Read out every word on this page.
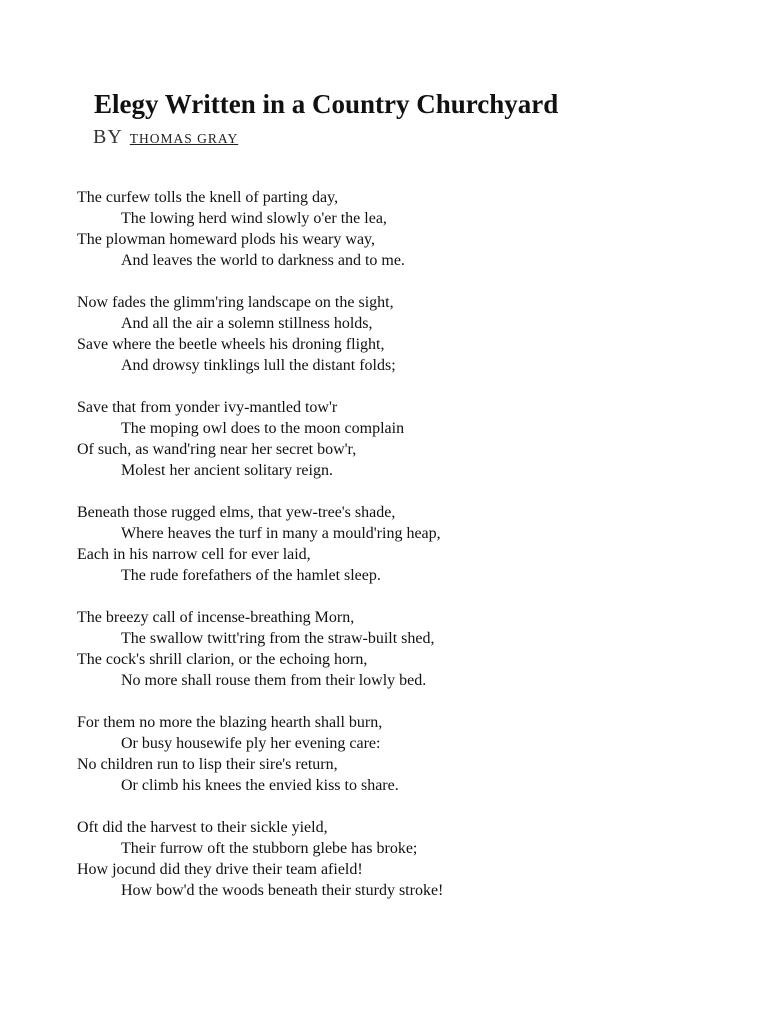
Elegy Written in a Country Churchyard
BY THOMAS GRAY
The curfew tolls the knell of parting day,
The lowing herd wind slowly o'er the lea,
The plowman homeward plods his weary way,
And leaves the world to darkness and to me.
Now fades the glimm'ring landscape on the sight,
And all the air a solemn stillness holds,
Save where the beetle wheels his droning flight,
And drowsy tinklings lull the distant folds;
Save that from yonder ivy-mantled tow'r
The moping owl does to the moon complain
Of such, as wand'ring near her secret bow'r,
Molest her ancient solitary reign.
Beneath those rugged elms, that yew-tree's shade,
Where heaves the turf in many a mould'ring heap,
Each in his narrow cell for ever laid,
The rude forefathers of the hamlet sleep.
The breezy call of incense-breathing Morn,
The swallow twitt'ring from the straw-built shed,
The cock's shrill clarion, or the echoing horn,
No more shall rouse them from their lowly bed.
For them no more the blazing hearth shall burn,
Or busy housewife ply her evening care:
No children run to lisp their sire's return,
Or climb his knees the envied kiss to share.
Oft did the harvest to their sickle yield,
Their furrow oft the stubborn glebe has broke;
How jocund did they drive their team afield!
How bow'd the woods beneath their sturdy stroke!
